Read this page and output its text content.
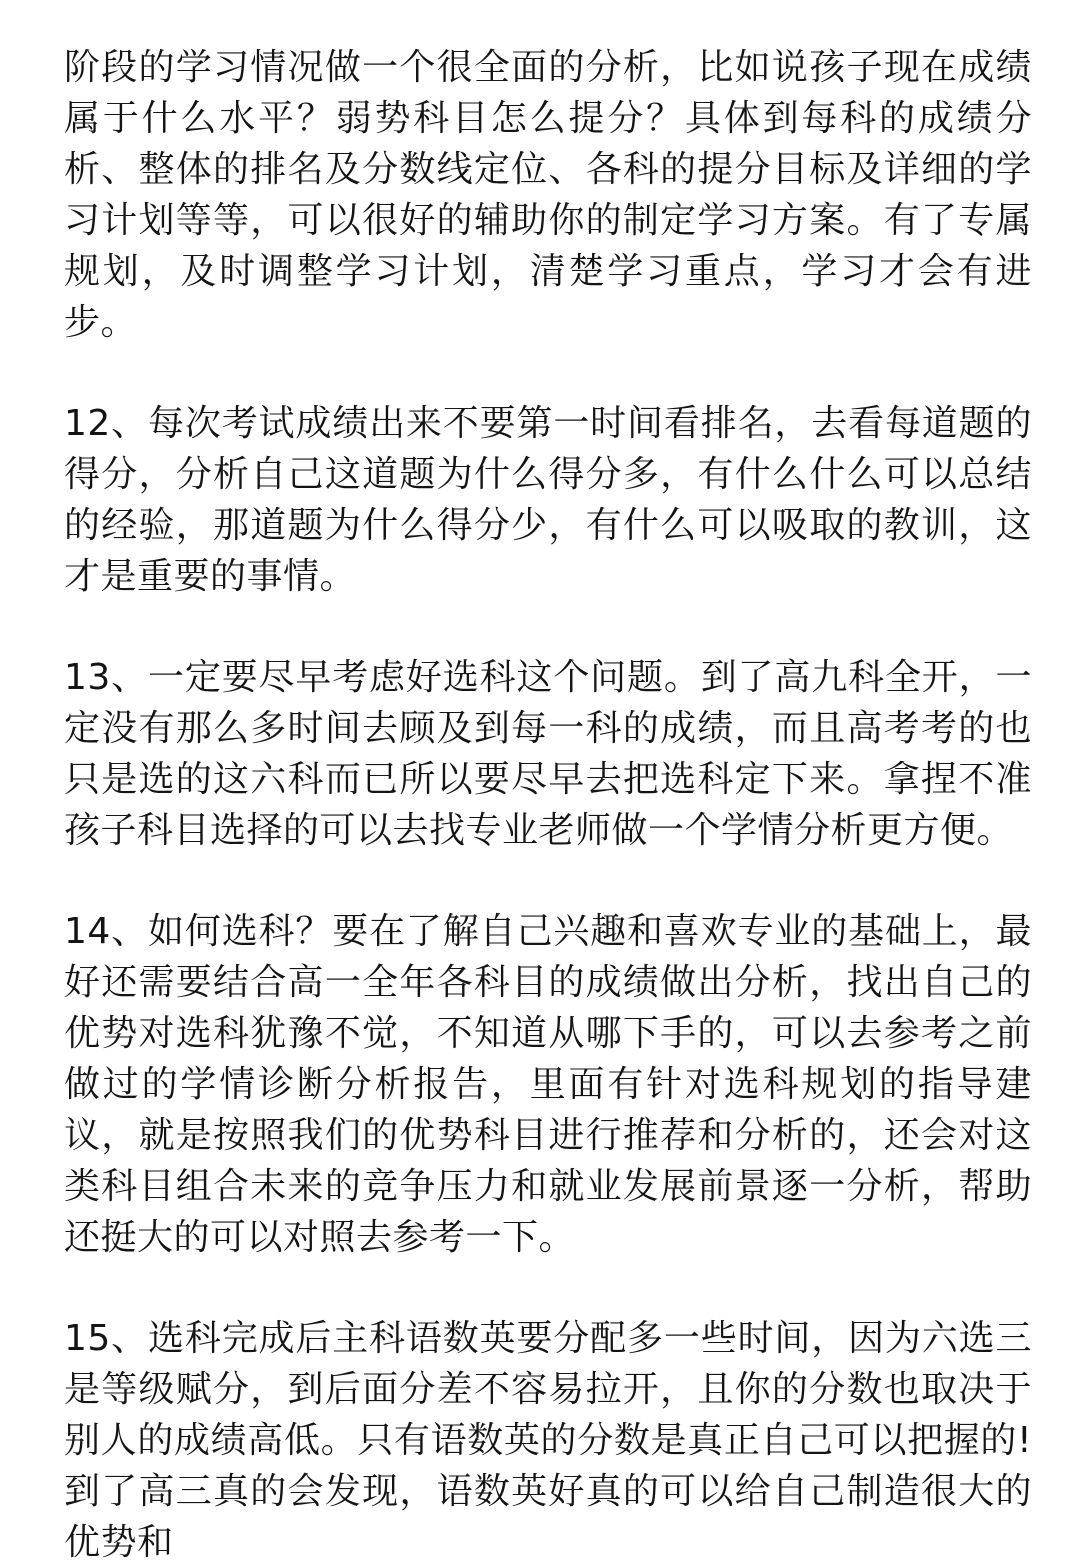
阶段的学习情况做一个很全面的分析，比如说孩子现在成绩属于什么水平？弱势科目怎么提分？具体到每科的成绩分析、整体的排名及分数线定位、各科的提分目标及详细的学习计划等等，可以很好的辅助你的制定学习方案。有了专属规划，及时调整学习计划，清楚学习重点，学习才会有进步。

12、每次考试成绩出来不要第一时间看排名，去看每道题的得分，分析自己这道题为什么得分多，有什么什么可以总结的经验，那道题为什么得分少，有什么可以吸取的教训，这才是重要的事情。

13、一定要尽早考虑好选科这个问题。到了高九科全开，一定没有那么多时间去顾及到每一科的成绩，而且高考考的也只是选的这六科而已所以要尽早去把选科定下来。拿捏不准孩子科目选择的可以去找专业老师做一个学情分析更方便。

14、如何选科？要在了解自己兴趣和喜欢专业的基础上，最好还需要结合高一全年各科目的成绩做出分析，找出自己的优势对选科犹豫不觉，不知道从哪下手的，可以去参考之前做过的学情诊断分析报告，里面有针对选科规划的指导建议，就是按照我们的优势科目进行推荐和分析的，还会对这类科目组合未来的竞争压力和就业发展前景逐一分析，帮助还挺大的可以对照去参考一下。

15、选科完成后主科语数英要分配多一些时间，因为六选三是等级赋分，到后面分差不容易拉开，且你的分数也取决于别人的成绩高低。只有语数英的分数是真正自己可以把握的!到了高三真的会发现，语数英好真的可以给自己制造很大的优势和
